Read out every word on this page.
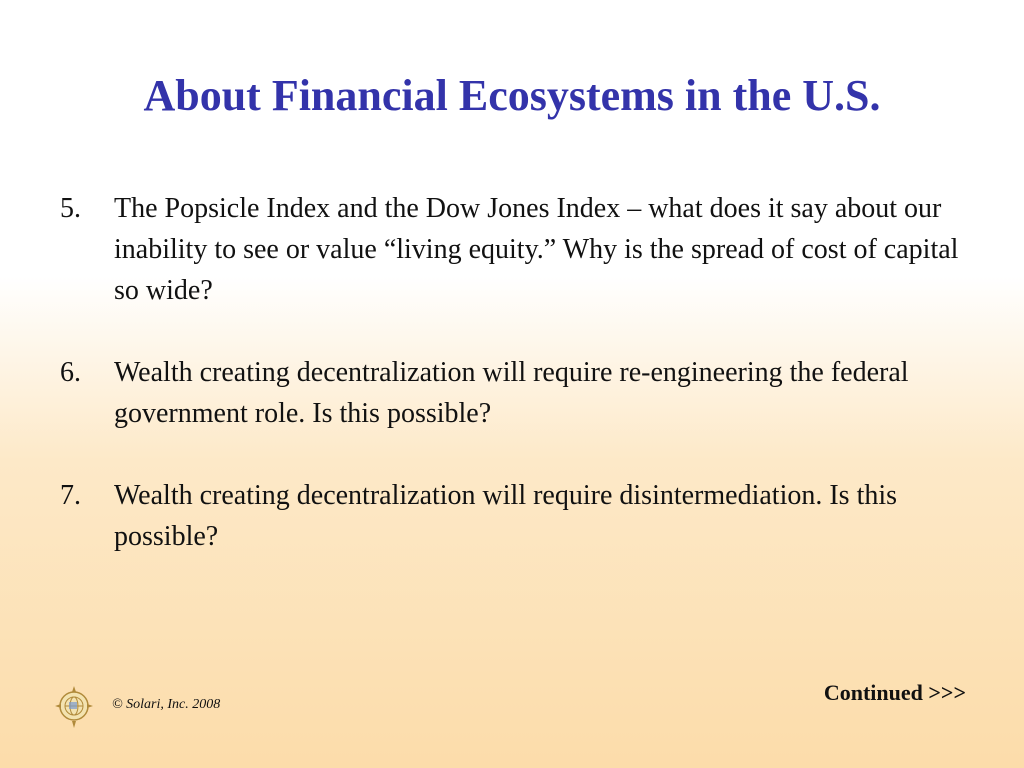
About Financial Ecosystems in the U.S.
5.	The Popsicle Index and the Dow Jones Index – what does it say about our inability to see or value “living equity.” Why is the spread of cost of capital so wide?
6.	Wealth creating decentralization will require re-engineering the federal government role. Is this possible?
7.	Wealth creating decentralization will require disintermediation. Is this possible?
Continued >>>
© Solari, Inc. 2008
